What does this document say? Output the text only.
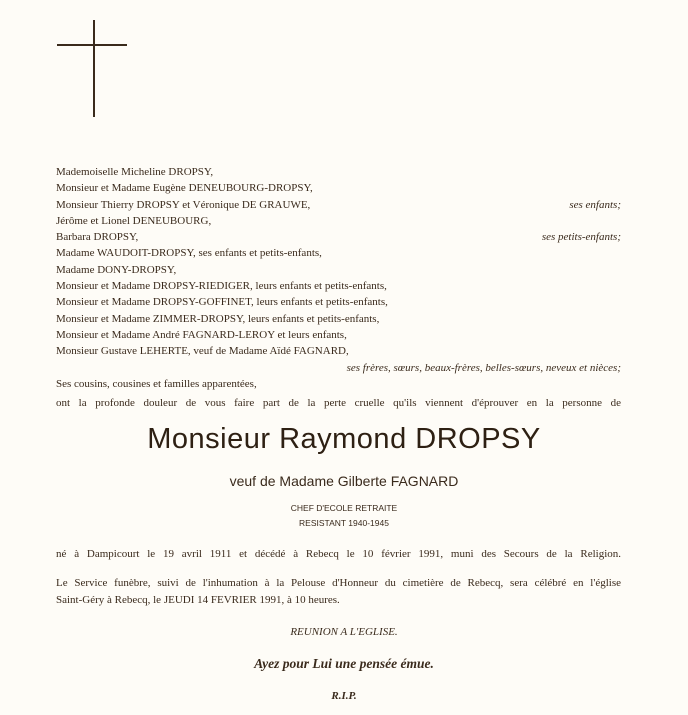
Mademoiselle Micheline DROPSY,
Monsieur et Madame Eugène DENEUBOURG-DROPSY,
Monsieur Thierry DROPSY et Véronique DE GRAUWE,	ses enfants;
Jérôme et Lionel DENEUBOURG,
Barbara DROPSY,	ses petits-enfants;
Madame WAUDOIT-DROPSY, ses enfants et petits-enfants,
Madame DONY-DROPSY,
Monsieur et Madame DROPSY-RIEDIGER, leurs enfants et petits-enfants,
Monsieur et Madame DROPSY-GOFFINET, leurs enfants et petits-enfants,
Monsieur et Madame ZIMMER-DROPSY, leurs enfants et petits-enfants,
Monsieur et Madame André FAGNARD-LEROY et leurs enfants,
Monsieur Gustave LEHERTE, veuf de Madame Aïdé FAGNARD,
ses frères, sœurs, beaux-frères, belles-sœurs, neveux et nièces;
Ses cousins, cousines et familles apparentées,
ont la profonde douleur de vous faire part de la perte cruelle qu'ils viennent d'éprouver en la personne de
Monsieur Raymond DROPSY
veuf de Madame Gilberte FAGNARD
CHEF D'ECOLE RETRAITE
RESISTANT 1940-1945
né à Dampicourt le 19 avril 1911 et décédé à Rebecq le 10 février 1991, muni des Secours de la Religion.
Le Service funèbre, suivi de l'inhumation à la Pelouse d'Honneur du cimetière de Rebecq, sera célébré en l'église
Saint-Géry à Rebecq, le JEUDI 14 FEVRIER 1991, à 10 heures.
REUNION A L'EGLISE.
Ayez pour Lui une pensée émue.
R.I.P.
